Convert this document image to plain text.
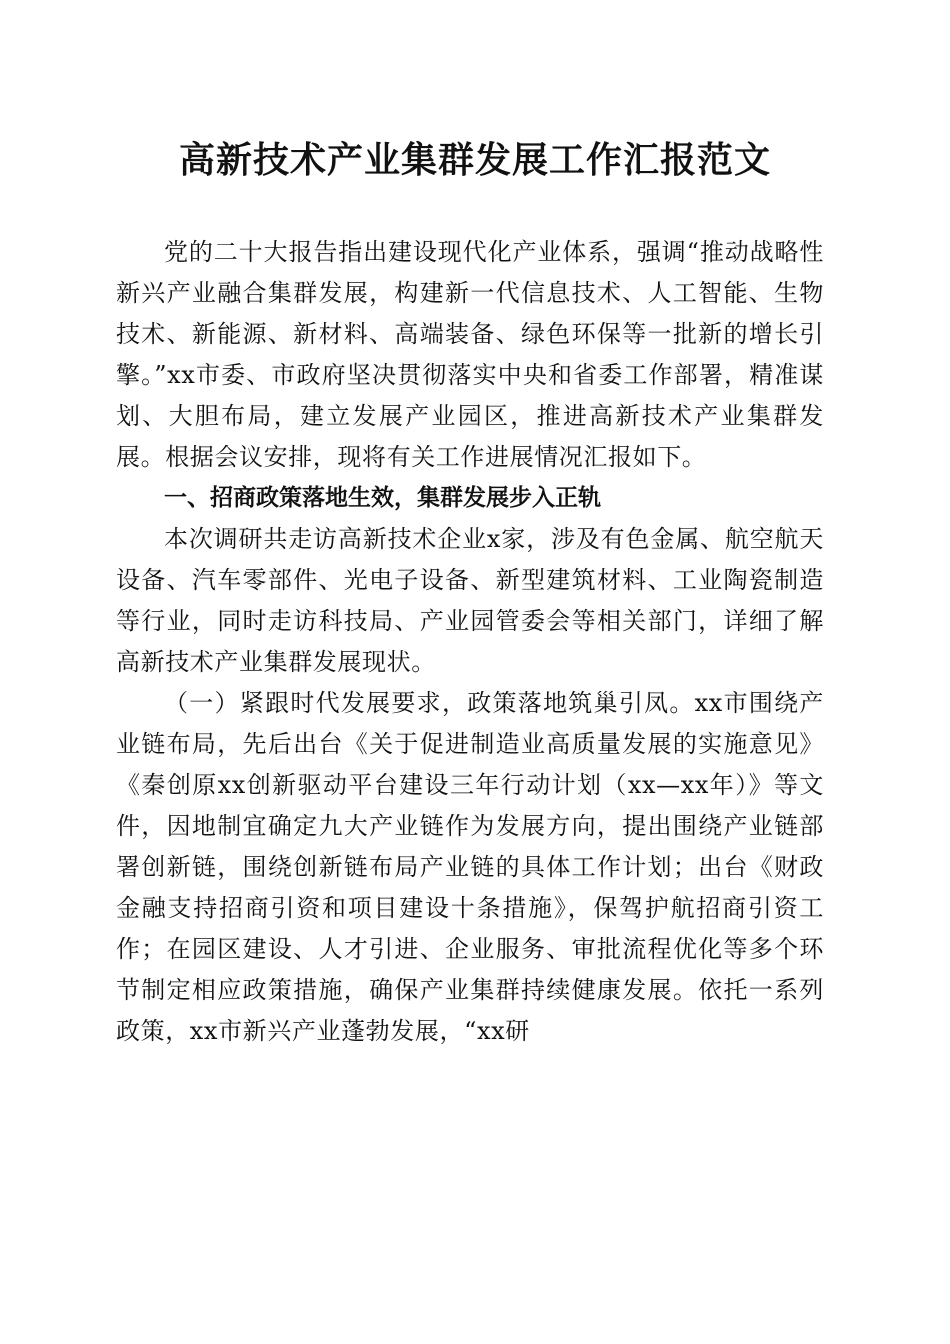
高新技术产业集群发展工作汇报范文

党的二十大报告指出建设现代化产业体系，强调“推动战略性新兴产业融合集群发展，构建新一代信息技术、人工智能、生物技术、新能源、新材料、高端装备、绿色环保等一批新的增长引擎。”xx市委、市政府坚决贯彻落实中央和省委工作部署，精准谋划、大胆布局，建立发展产业园区，推进高新技术产业集群发展。根据会议安排，现将有关工作进展情况汇报如下。

一、招商政策落地生效，集群发展步入正轨

本次调研共走访高新技术企业x家，涉及有色金属、航空航天设备、汽车零部件、光电子设备、新型建筑材料、工业陶瓷制造等行业，同时走访科技局、产业园管委会等相关部门，详细了解高新技术产业集群发展现状。

（一）紧跟时代发展要求，政策落地筑巢引凤。xx市围绕产业链布局，先后出台《关于促进制造业高质量发展的实施意见》《秦创原xx创新驱动平台建设三年行动计划（xx—xx年）》等文件，因地制宜确定九大产业链作为发展方向，提出围绕产业链部署创新链，围绕创新链布局产业链的具体工作计划；出台《财政金融支持招商引资和项目建设十条措施》，保驾护航招商引资工作；在园区建设、人才引进、企业服务、审批流程优化等多个环节制定相应政策措施，确保产业集群持续健康发展。依托一系列政策，xx市新兴产业蓬勃发展，“xx研
